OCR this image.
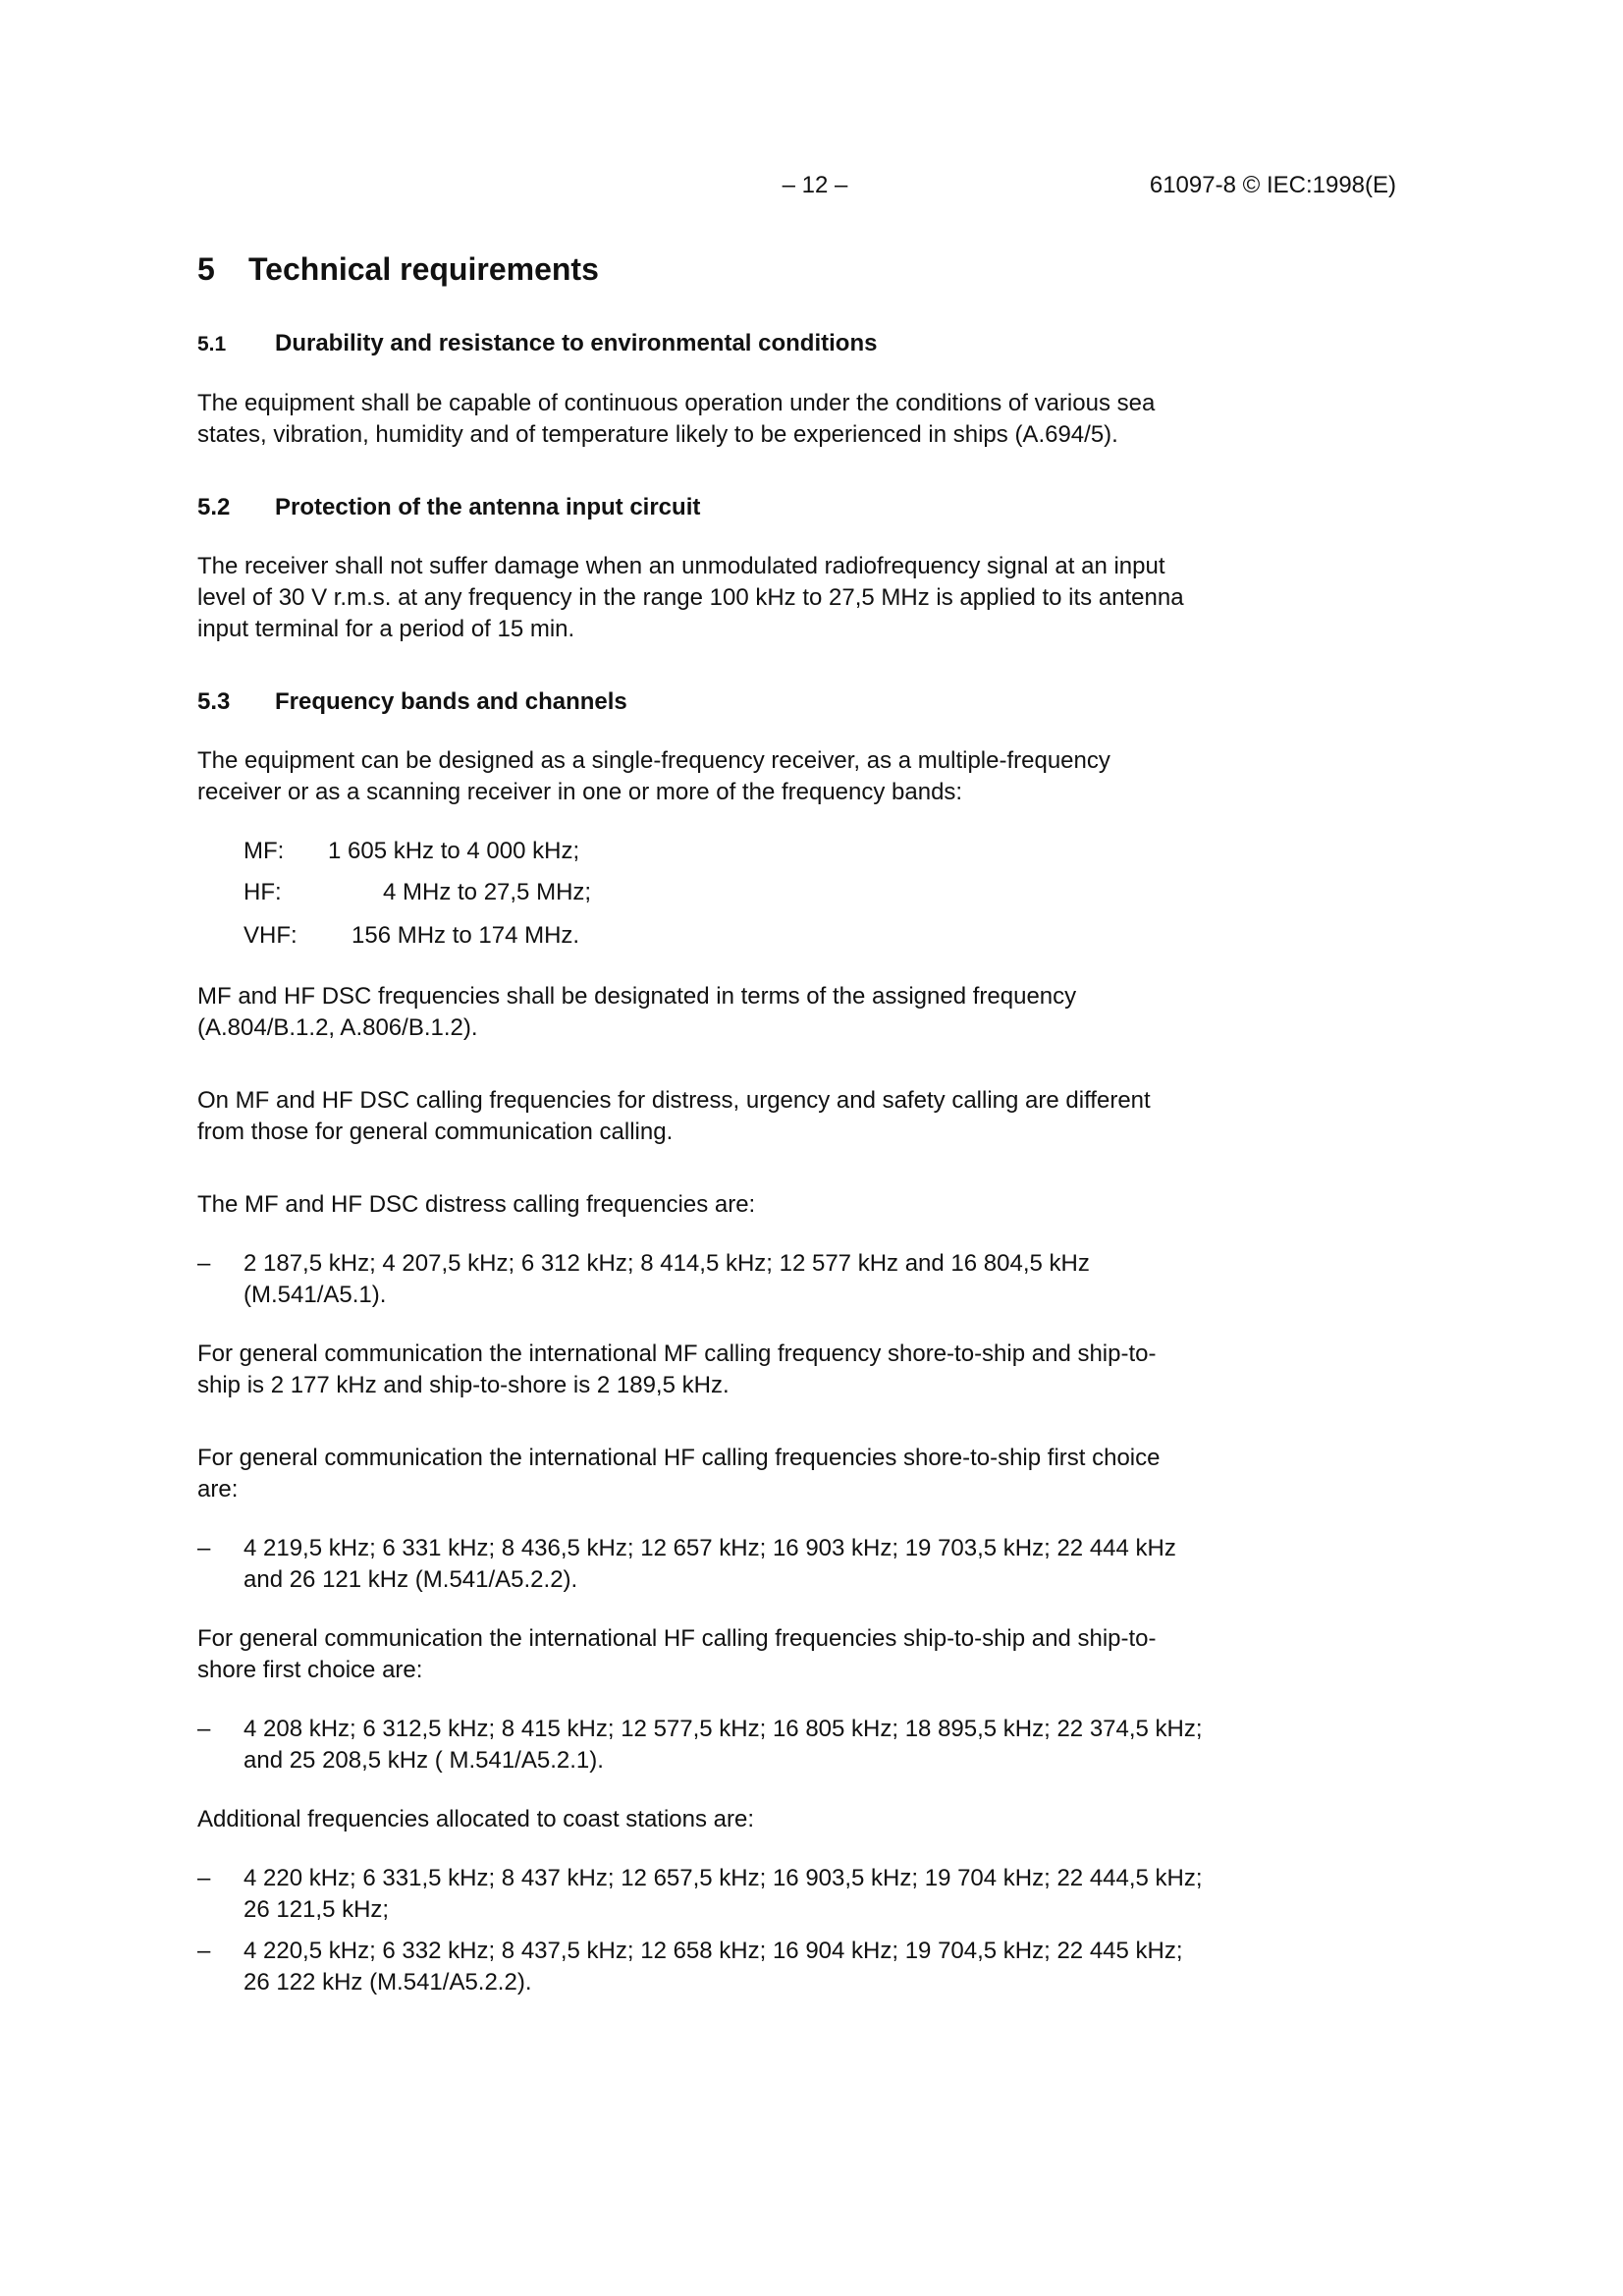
– 12 –	61097-8 © IEC:1998(E)
5 Technical requirements
5.1 Durability and resistance to environmental conditions

The equipment shall be capable of continuous operation under the conditions of various sea
states, vibration, humidity and of temperature likely to be experienced in ships (A.694/5).

5.2 Protection of the antenna input circuit

The receiver shall not suffer damage when an unmodulated radiofrequency signal at an input
level of 30 V r.m.s. at any frequency in the range 100 kHz to 27,5 MHz is applied to its antenna
input terminal for a period of 15 min.

5.3 Frequency bands and channels

The equipment can be designed as a single-frequency receiver, as a multiple-frequency
receiver or as a scanning receiver in one or more of the frequency bands:

MF: 1 605 kHz to 4 000 kHz;
HF:	4 MHz to 27,5 MHz;
VHF: 156 MHz to 174 MHz.

MF and HF DSC frequencies shall be designated in terms of the assigned frequency
(A.804/B.1.2, A.806/B.1.2).

On MF and HF DSC calling frequencies for distress, urgency and safety calling are different
from those for general communication calling.

The MF and HF DSC distress calling frequencies are:

– 2 187,5 kHz; 4 207,5 kHz; 6 312 kHz; 8 414,5 kHz; 12 577 kHz and 16 804,5 kHz
(M.541/A5.1).

For general communication the international MF calling frequency shore-to-ship and ship-to-
ship is 2 177 kHz and ship-to-shore is 2 189,5 kHz.

For general communication the international HF calling frequencies shore-to-ship first choice
are:

– 4 219,5 kHz; 6 331 kHz; 8 436,5 kHz; 12 657 kHz; 16 903 kHz; 19 703,5 kHz; 22 444 kHz
and 26 121 kHz (M.541/A5.2.2).

For general communication the international HF calling frequencies ship-to-ship and ship-to-
shore first choice are:

– 4 208 kHz; 6 312,5 kHz; 8 415 kHz; 12 577,5 kHz; 16 805 kHz; 18 895,5 kHz; 22 374,5 kHz;
and 25 208,5 kHz ( M.541/A5.2.1).

Additional frequencies allocated to coast stations are:

– 4 220 kHz; 6 331,5 kHz; 8 437 kHz; 12 657,5 kHz; 16 903,5 kHz; 19 704 kHz; 22 444,5 kHz;
26 121,5 kHz;
– 4 220,5 kHz; 6 332 kHz; 8 437,5 kHz; 12 658 kHz; 16 904 kHz; 19 704,5 kHz; 22 445 kHz;
26 122 kHz (M.541/A5.2.2).
